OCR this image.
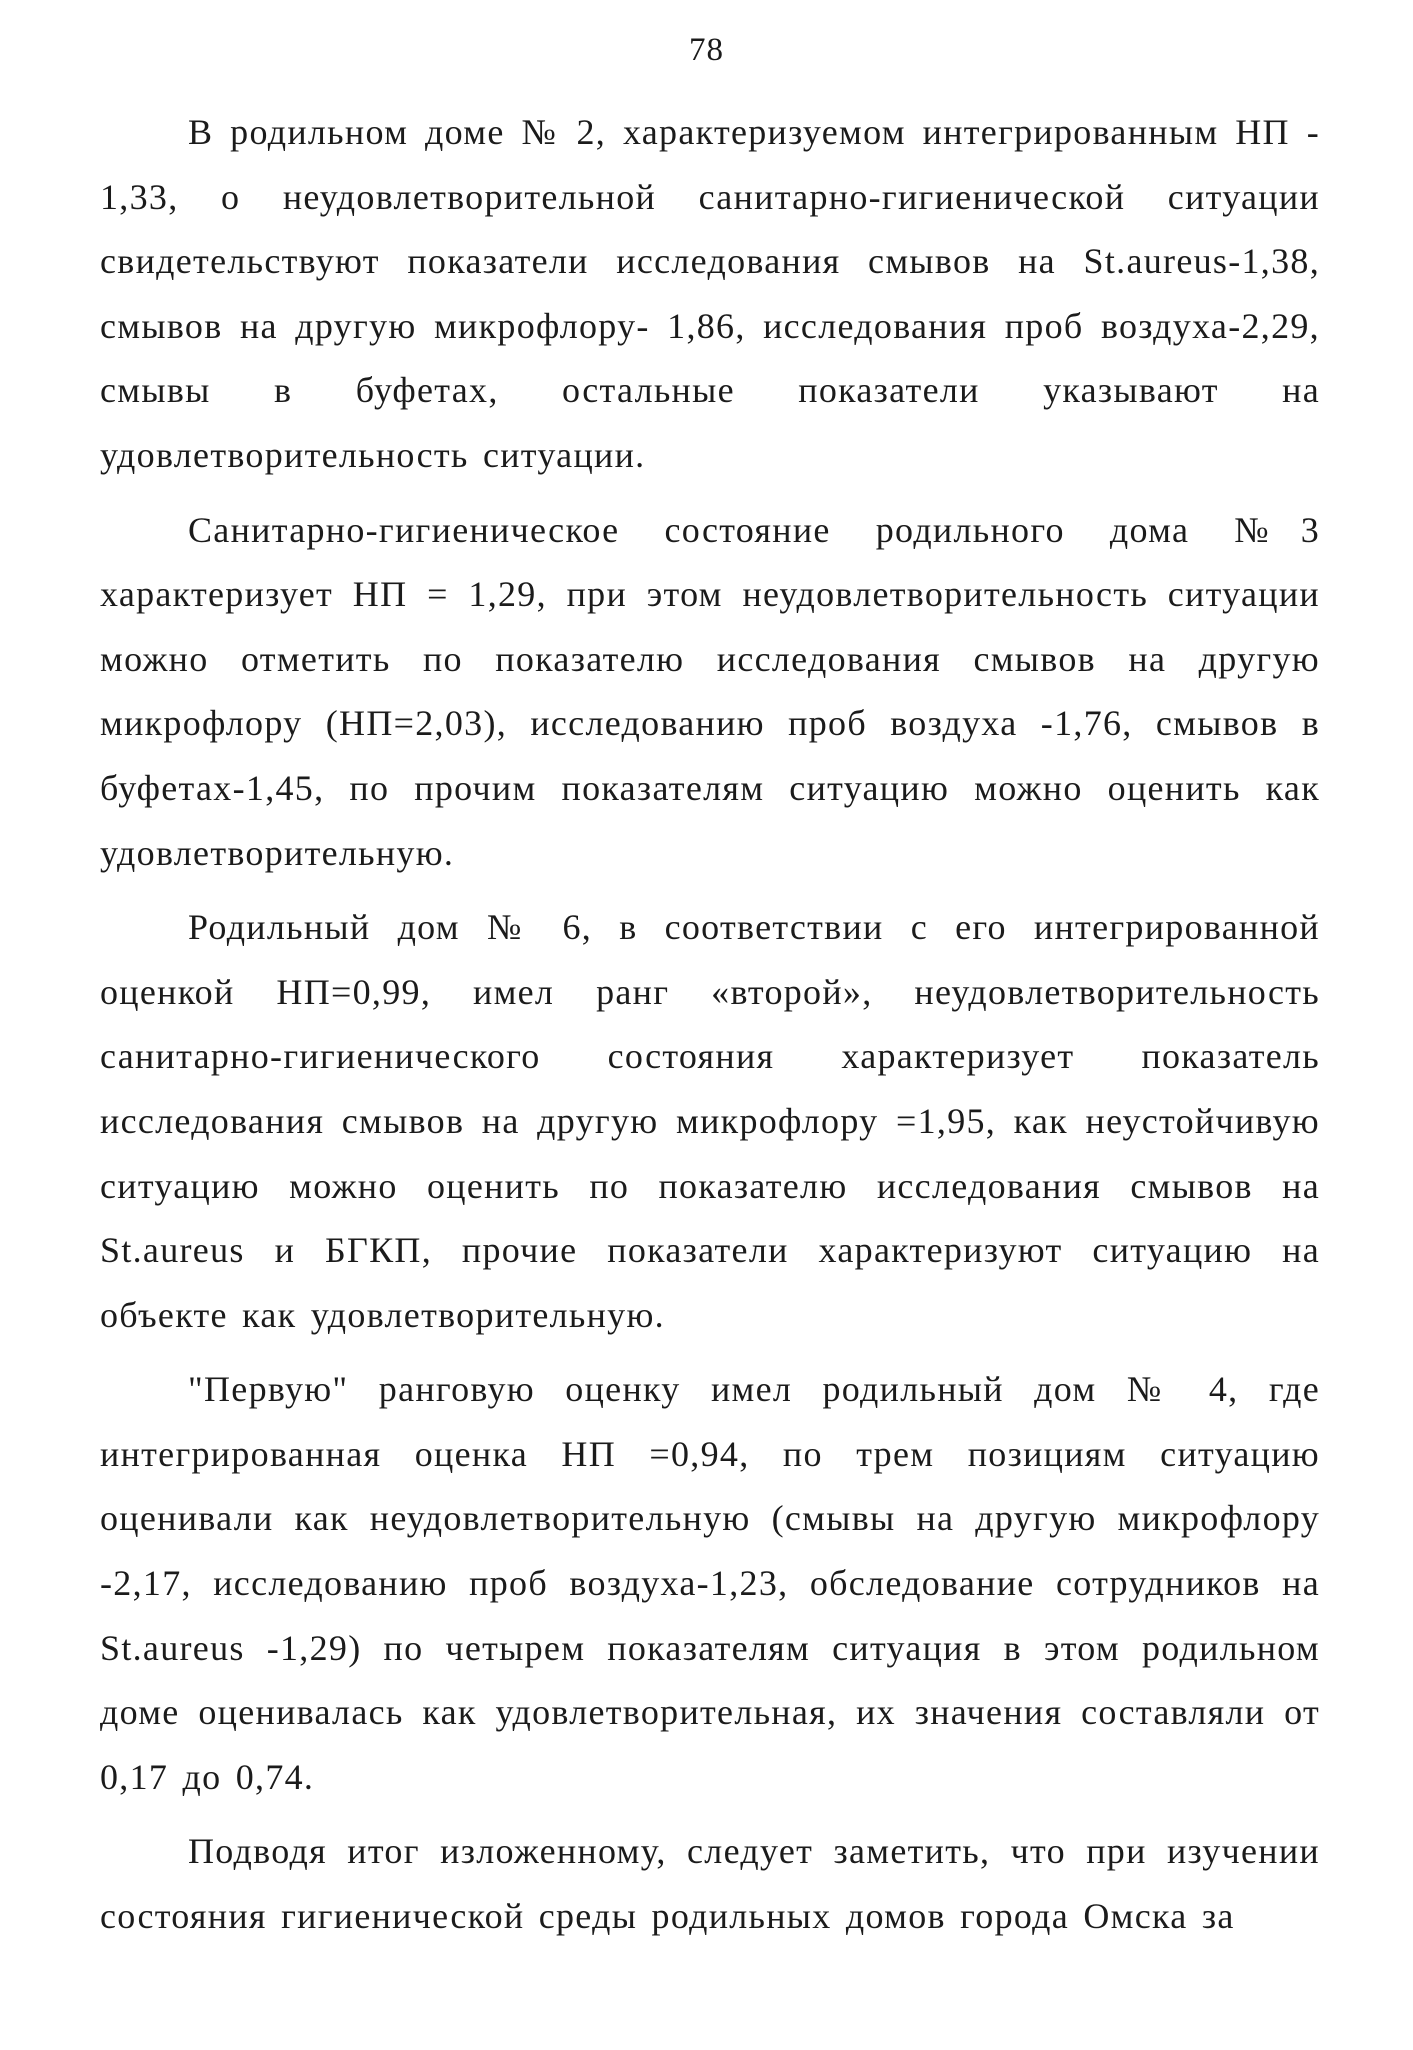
78

В родильном доме № 2, характеризуемом интегрированным НП - 1,33, о неудовлетворительной санитарно-гигиенической ситуации свидетельствуют показатели исследования смывов на St.aureus-1,38, смывов на другую микрофлору- 1,86, исследования проб воздуха-2,29, смывы в буфетах, остальные показатели указывают на удовлетворительность ситуации.

Санитарно-гигиеническое состояние родильного дома №3 характеризует НП = 1,29, при этом неудовлетворительность ситуации можно отметить по показателю исследования смывов на другую микрофлору (НП=2,03), исследованию проб воздуха -1,76, смывов в буфетах-1,45, по прочим показателям ситуацию можно оценить как удовлетворительную.

Родильный дом № 6, в соответствии с его интегрированной оценкой НП=0,99, имел ранг «второй», неудовлетворительность санитарно-гигиенического состояния характеризует показатель исследования смывов на другую микрофлору =1,95, как неустойчивую ситуацию можно оценить по показателю исследования смывов на St.aureus и БГКП, прочие показатели характеризуют ситуацию на объекте как удовлетворительную.

"Первую" ранговую оценку имел родильный дом № 4, где интегрированная оценка НП =0,94, по трем позициям ситуацию оценивали как неудовлетворительную (смывы на другую микрофлору -2,17, исследованию проб воздуха-1,23, обследование сотрудников на St.aureus -1,29) по четырем показателям ситуация в этом родильном доме оценивалась как удовлетворительная, их значения составляли от 0,17 до 0,74.

Подводя итог изложенному, следует заметить, что при изучении состояния гигиенической среды родильных домов города Омска за
